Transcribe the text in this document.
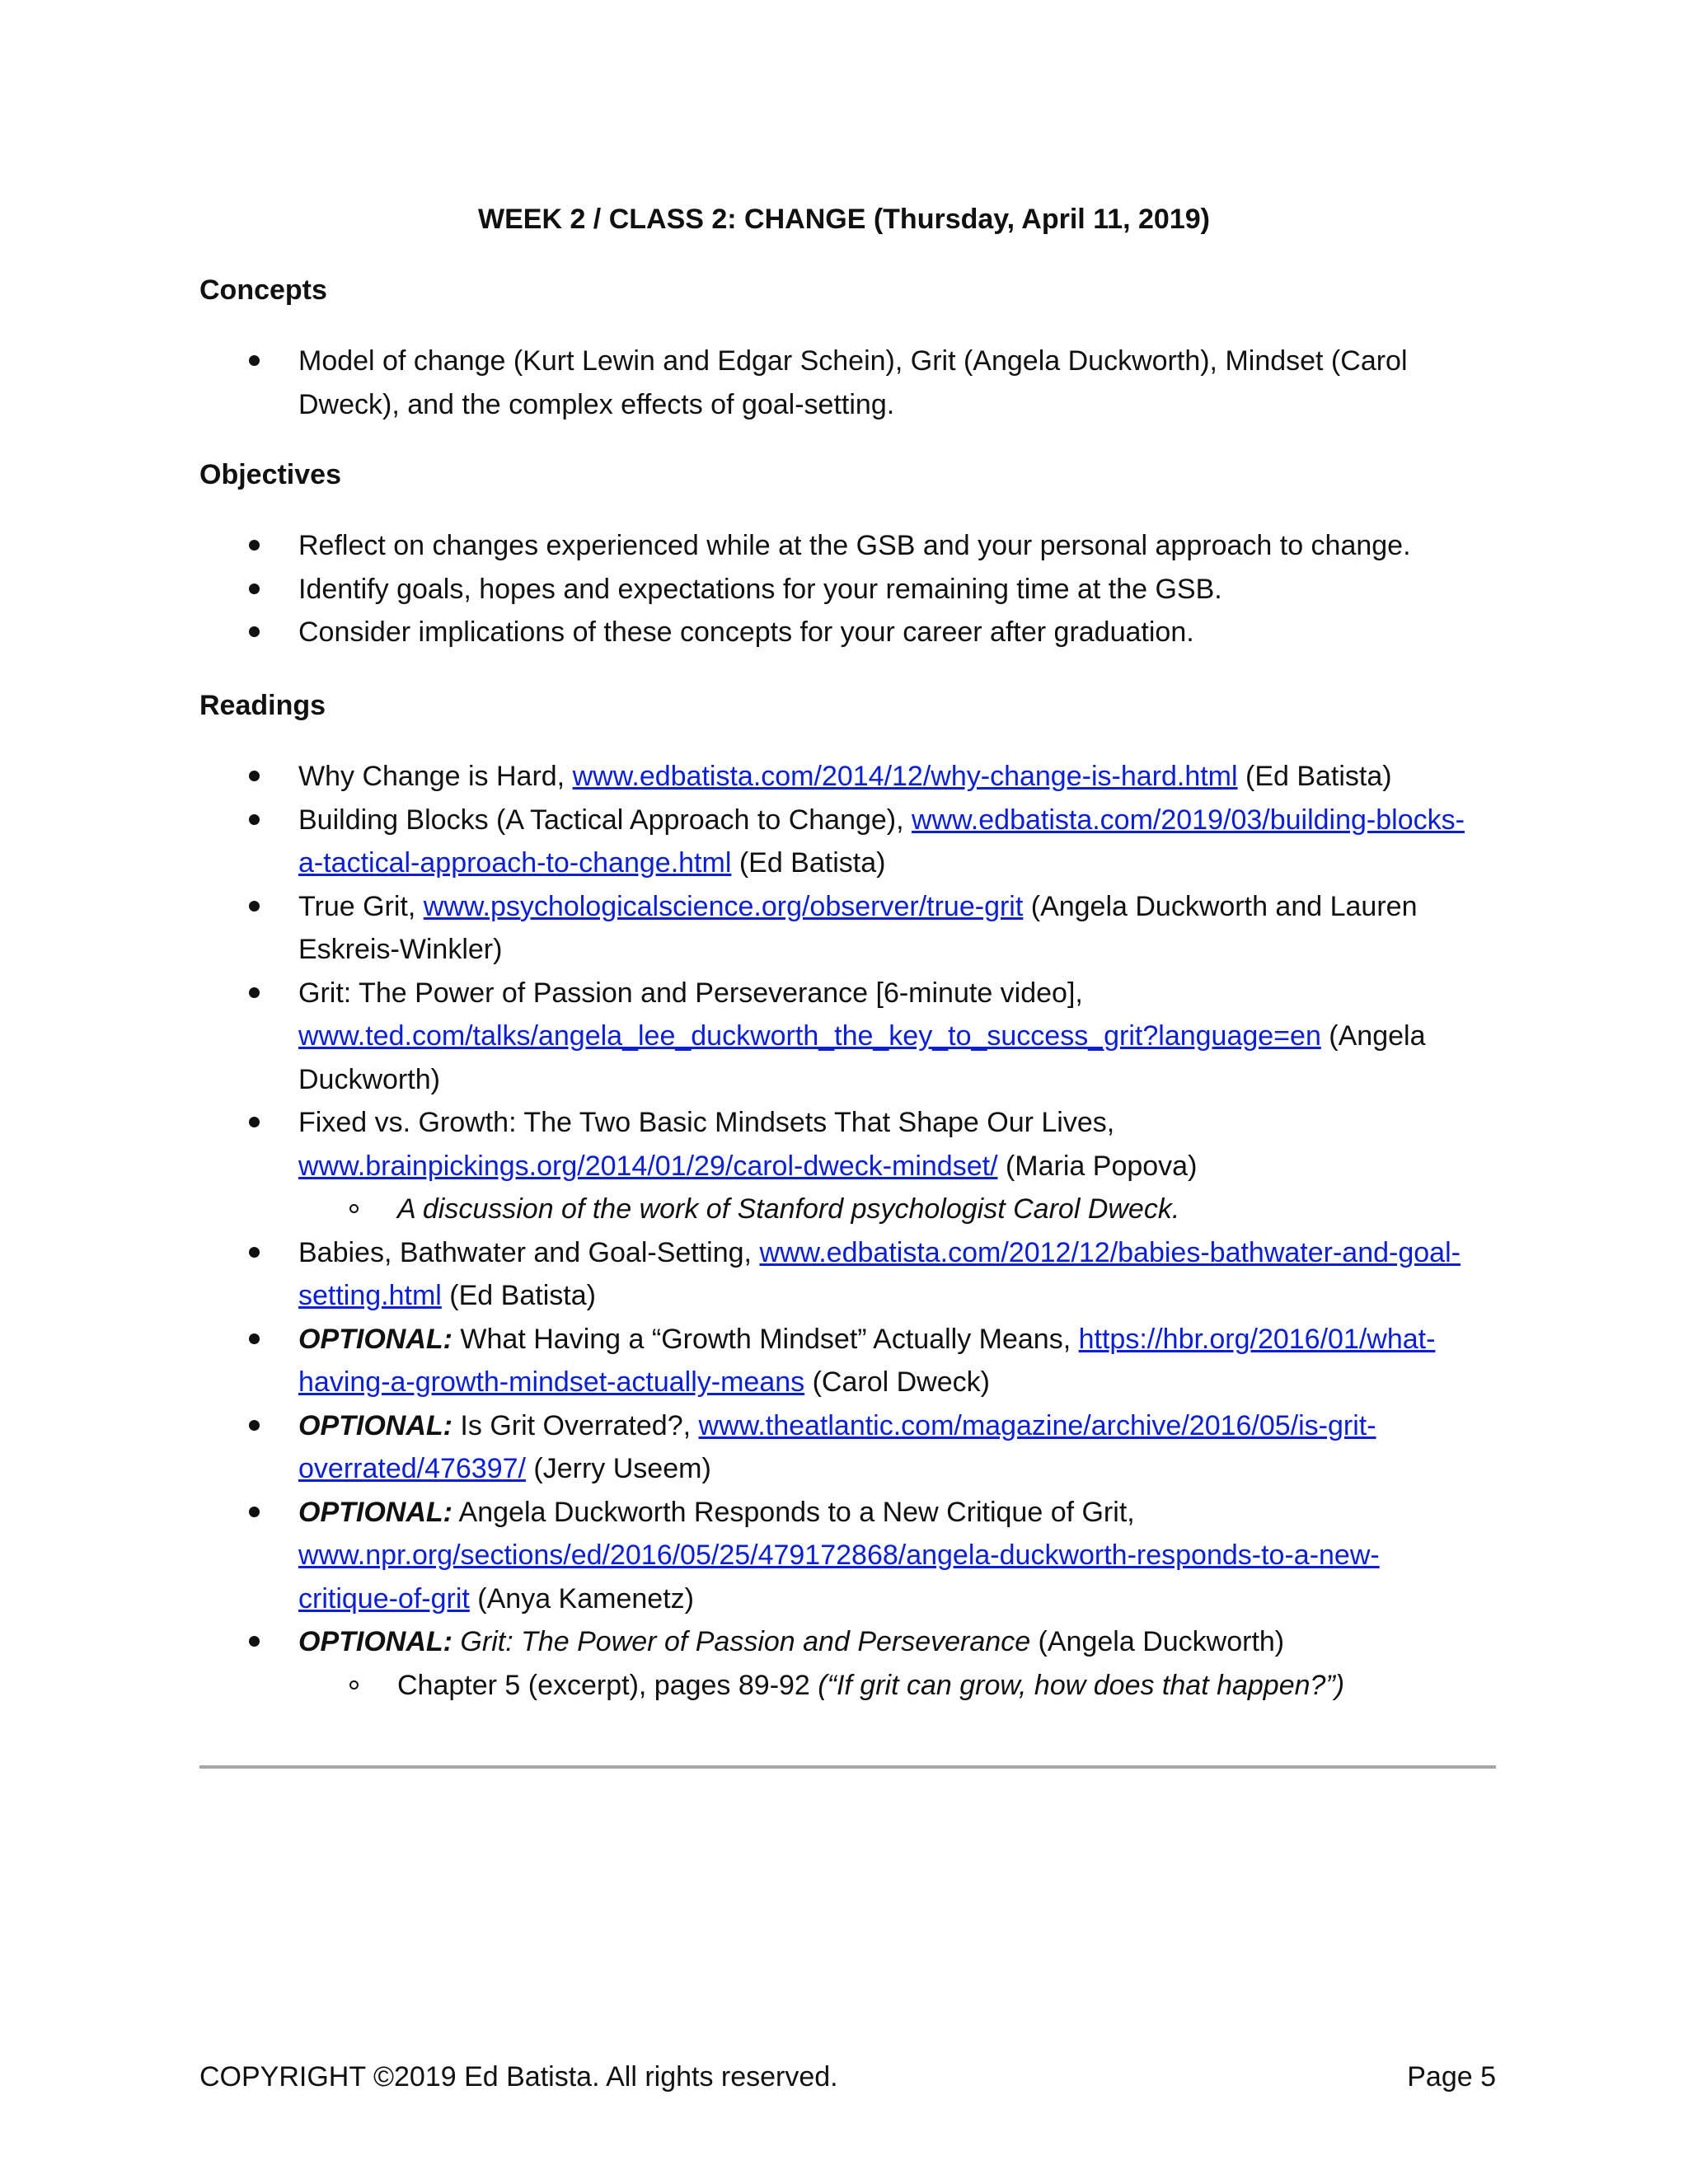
WEEK 2 / CLASS 2: CHANGE (Thursday, April 11, 2019)
Concepts
Model of change (Kurt Lewin and Edgar Schein), Grit (Angela Duckworth), Mindset (Carol Dweck), and the complex effects of goal-setting.
Objectives
Reflect on changes experienced while at the GSB and your personal approach to change.
Identify goals, hopes and expectations for your remaining time at the GSB.
Consider implications of these concepts for your career after graduation.
Readings
Why Change is Hard, www.edbatista.com/2014/12/why-change-is-hard.html (Ed Batista)
Building Blocks (A Tactical Approach to Change), www.edbatista.com/2019/03/building-blocks-
a-tactical-approach-to-change.html (Ed Batista)
True Grit, www.psychologicalscience.org/observer/true-grit (Angela Duckworth and Lauren Eskreis-Winkler)
Grit: The Power of Passion and Perseverance [6-minute video],
www.ted.com/talks/angela_lee_duckworth_the_key_to_success_grit?language=en (Angela Duckworth)
Fixed vs. Growth: The Two Basic Mindsets That Shape Our Lives,
www.brainpickings.org/2014/01/29/carol-dweck-mindset/ (Maria Popova)
A discussion of the work of Stanford psychologist Carol Dweck.
Babies, Bathwater and Goal-Setting, www.edbatista.com/2012/12/babies-bathwater-and-goal-
setting.html (Ed Batista)
OPTIONAL: What Having a “Growth Mindset” Actually Means, https://hbr.org/2016/01/what-
having-a-growth-mindset-actually-means (Carol Dweck)
OPTIONAL: Is Grit Overrated?, www.theatlantic.com/magazine/archive/2016/05/is-grit-
overrated/476397/ (Jerry Useem)
OPTIONAL: Angela Duckworth Responds to a New Critique of Grit,
www.npr.org/sections/ed/2016/05/25/479172868/angela-duckworth-responds-to-a-new-
critique-of-grit (Anya Kamenetz)
OPTIONAL: Grit: The Power of Passion and Perseverance (Angela Duckworth)
Chapter 5 (excerpt), pages 89-92 (“If grit can grow, how does that happen?”)
COPYRIGHT ©2019 Ed Batista. All rights reserved.	Page 5
